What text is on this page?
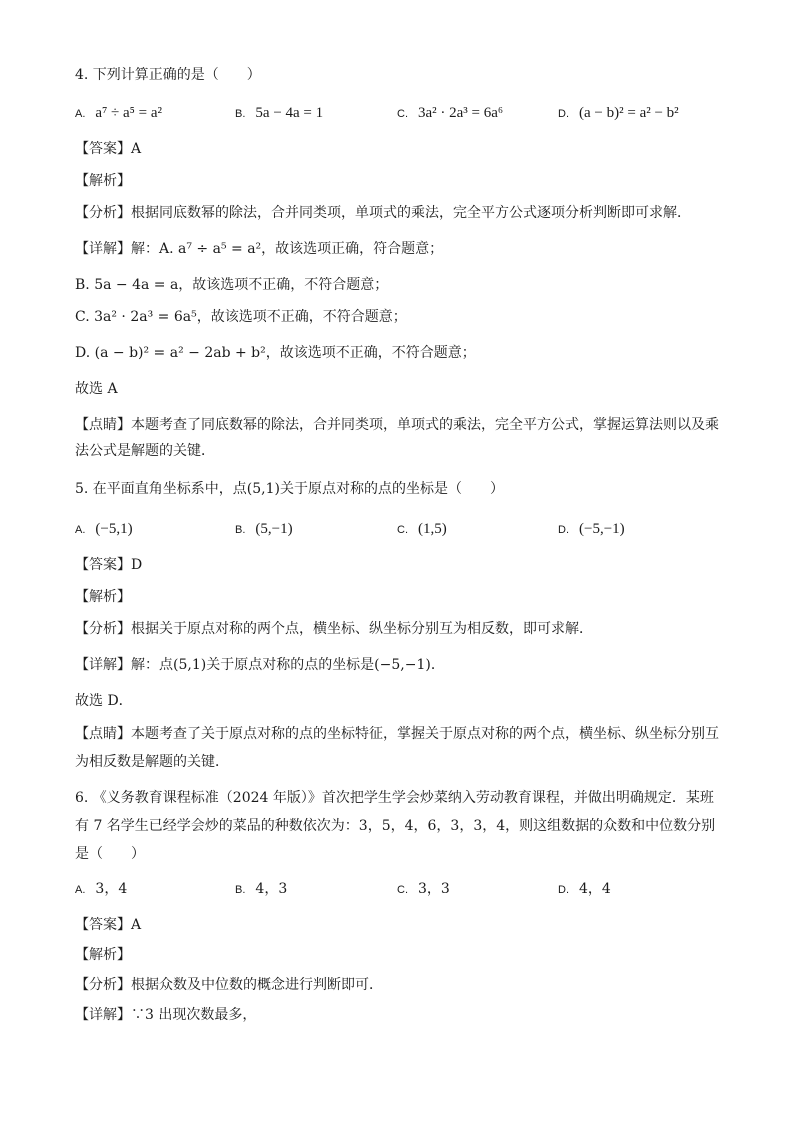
4. 下列计算正确的是（　　）
A. a⁷ ÷ a⁵ = a²	B. 5a − 4a = 1	C. 3a² · 2a³ = 6a⁶	D. (a − b)² = a² − b²
【答案】A
【解析】
【分析】根据同底数幂的除法，合并同类项，单项式的乘法，完全平方公式逐项分析判断即可求解．
【详解】解：A. a⁷ ÷ a⁵ = a²，故该选项正确，符合题意；
B. 5a − 4a = a，故该选项不正确，不符合题意；
C. 3a² · 2a³ = 6a⁵，故该选项不正确，不符合题意；
D. (a − b)² = a² − 2ab + b²，故该选项不正确，不符合题意；
故选 A
【点睛】本题考查了同底数幂的除法，合并同类项，单项式的乘法，完全平方公式，掌握运算法则以及乘法公式是解题的关键．
5. 在平面直角坐标系中，点(5,1)关于原点对称的点的坐标是（　　）
A. (−5,1)	B. (5,−1)	C. (1,5)	D. (−5,−1)
【答案】D
【解析】
【分析】根据关于原点对称的两个点，横坐标、纵坐标分别互为相反数，即可求解．
【详解】解：点(5,1)关于原点对称的点的坐标是(−5,−1)．
故选 D．
【点睛】本题考查了关于原点对称的点的坐标特征，掌握关于原点对称的两个点，横坐标、纵坐标分别互为相反数是解题的关键．
6. 《义务教育课程标准（2024 年版）》首次把学生学会炒菜纳入劳动教育课程，并做出明确规定．某班有 7 名学生已经学会炒的菜品的种数依次为：3，5，4，6，3，3，4，则这组数据的众数和中位数分别是（　　）
A. 3，4	B. 4，3	C. 3，3	D. 4，4
【答案】A
【解析】
【分析】根据众数及中位数的概念进行判断即可．
【详解】∵3 出现次数最多，
